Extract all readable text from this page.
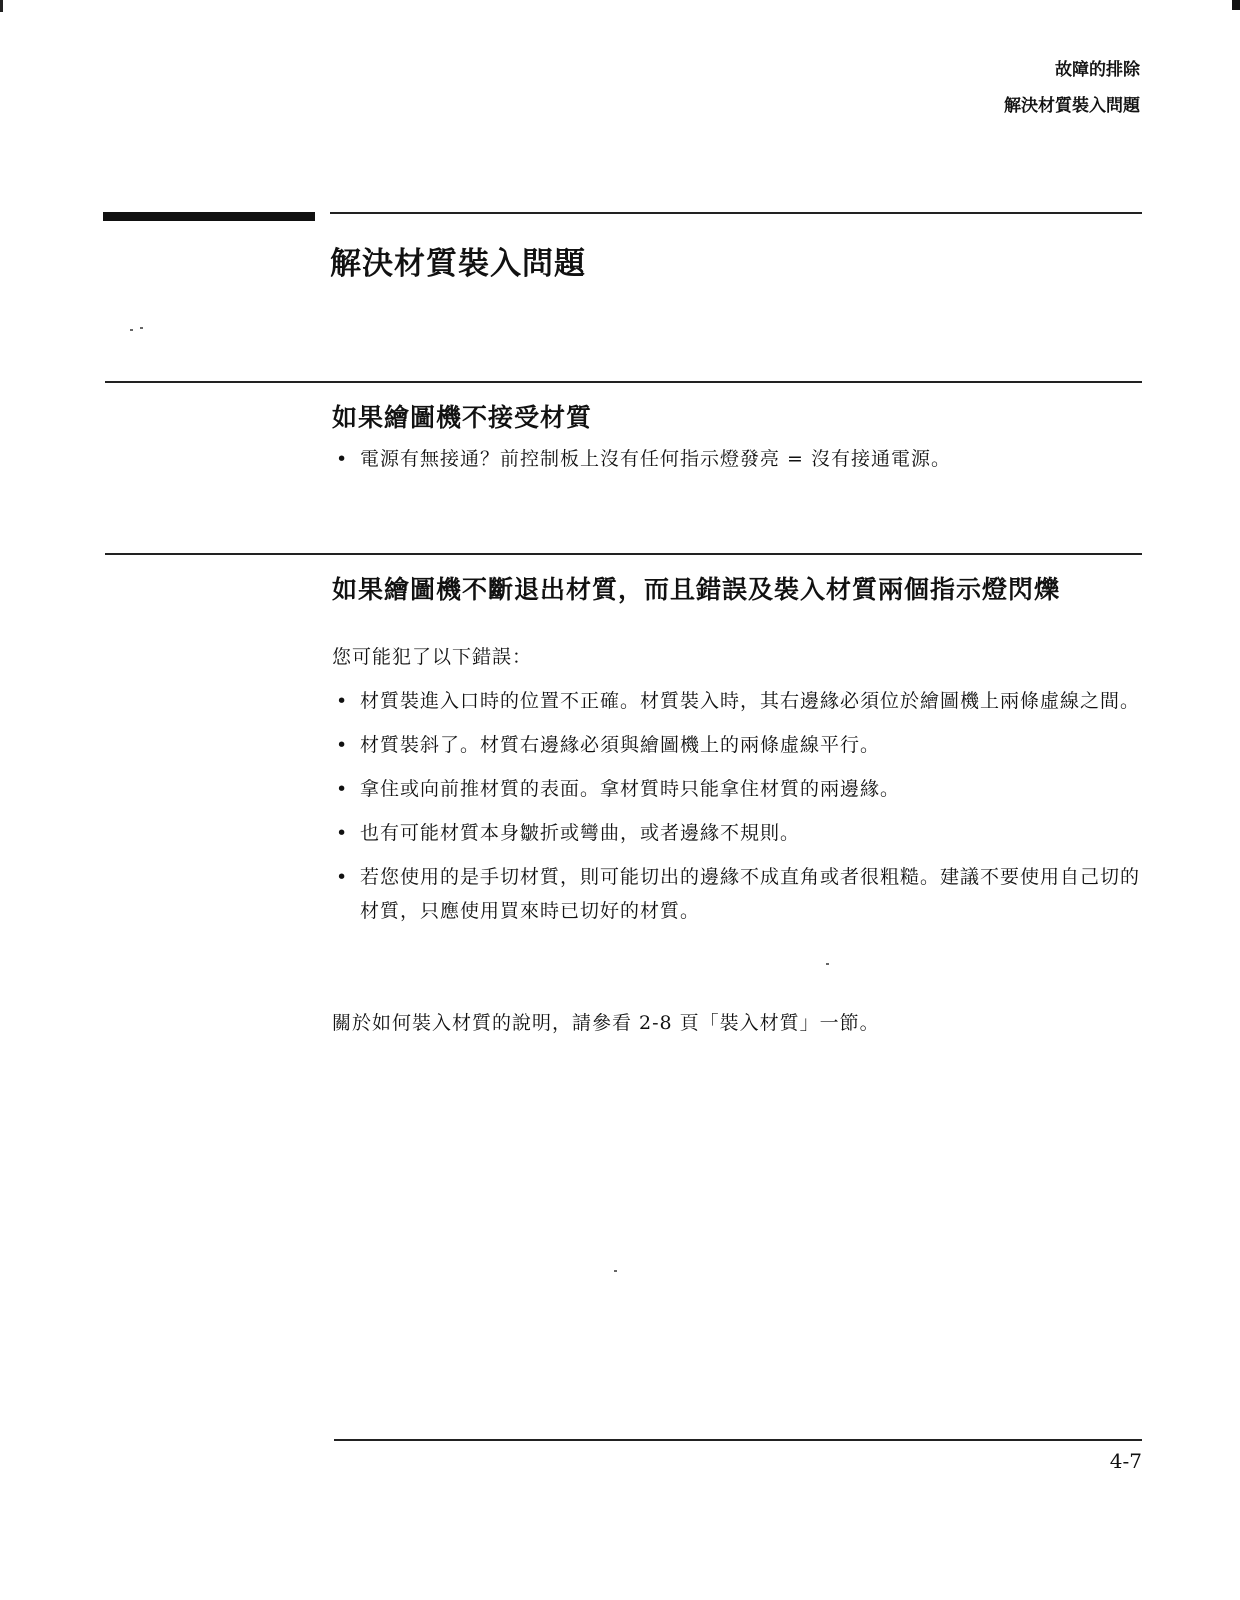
故障的排除
解決材質裝入問題
解決材質裝入問題
如果繪圖機不接受材質
• 電源有無接通？前控制板上沒有任何指示燈發亮 = 沒有接通電源。
如果繪圖機不斷退出材質，而且錯誤及裝入材質兩個指示燈閃爍

您可能犯了以下錯誤：

• 材質裝進入口時的位置不正確。材質裝入時，其右邊緣必須位於繪圖機上兩條虛線之間。
• 材質裝斜了。材質右邊緣必須與繪圖機上的兩條虛線平行。
• 拿住或向前推材質的表面。拿材質時只能拿住材質的兩邊緣。
• 也有可能材質本身皺折或彎曲，或者邊緣不規則。
• 若您使用的是手切材質，則可能切出的邊緣不成直角或者很粗糙。建議不要使用自己切的材質，只應使用買來時已切好的材質。

關於如何裝入材質的說明，請參看 2-8 頁「裝入材質」一節。

4-7
